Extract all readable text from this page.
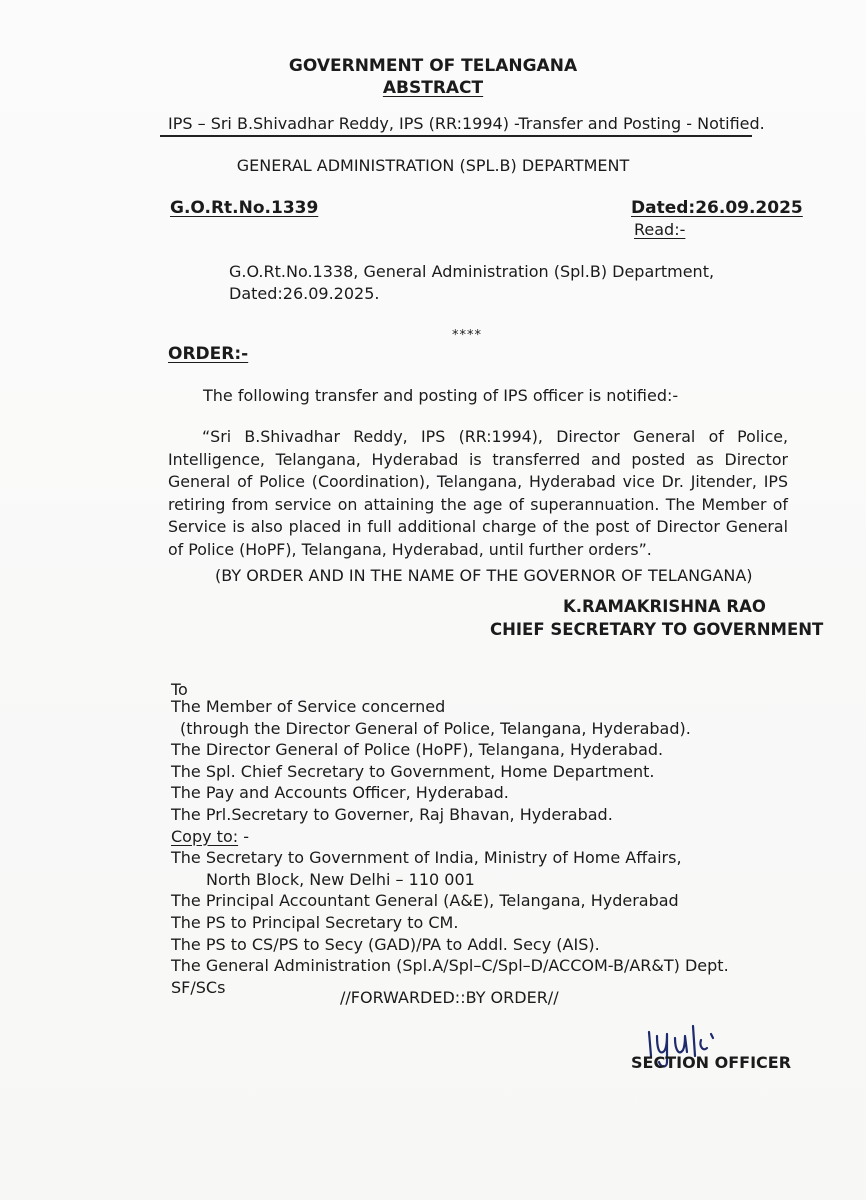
GOVERNMENT OF TELANGANA
ABSTRACT
IPS – Sri B.Shivadhar Reddy, IPS (RR:1994) -Transfer and Posting - Notified.
GENERAL ADMINISTRATION (SPL.B) DEPARTMENT
G.O.Rt.No.1339	Dated:26.09.2025
Read:-
G.O.Rt.No.1338, General Administration (Spl.B) Department,
Dated:26.09.2025.
****
ORDER:-
The following transfer and posting of IPS officer is notified:-
“Sri B.Shivadhar Reddy, IPS (RR:1994), Director General of Police, Intelligence, Telangana, Hyderabad is transferred and posted as Director General of Police (Coordination), Telangana, Hyderabad vice Dr. Jitender, IPS retiring from service on attaining the age of superannuation. The Member of Service is also placed in full additional charge of the post of Director General of Police (HoPF), Telangana, Hyderabad, until further orders”.
(BY ORDER AND IN THE NAME OF THE GOVERNOR OF TELANGANA)
K.RAMAKRISHNA RAO
CHIEF SECRETARY TO GOVERNMENT
To
The Member of Service concerned
(through the Director General of Police, Telangana, Hyderabad).
The Director General of Police (HoPF), Telangana, Hyderabad.
The Spl. Chief Secretary to Government, Home Department.
The Pay and Accounts Officer, Hyderabad.
The Prl.Secretary to Governer, Raj Bhavan, Hyderabad.
Copy to: -
The Secretary to Government of India, Ministry of Home Affairs,
North Block, New Delhi – 110 001
The Principal Accountant General (A&E), Telangana, Hyderabad
The PS to Principal Secretary to CM.
The PS to CS/PS to Secy (GAD)/PA to Addl. Secy (AIS).
The General Administration (Spl.A/Spl–C/Spl–D/ACCOM-B/AR&T) Dept.
SF/SCs
//FORWARDED::BY ORDER//
SECTION OFFICER
